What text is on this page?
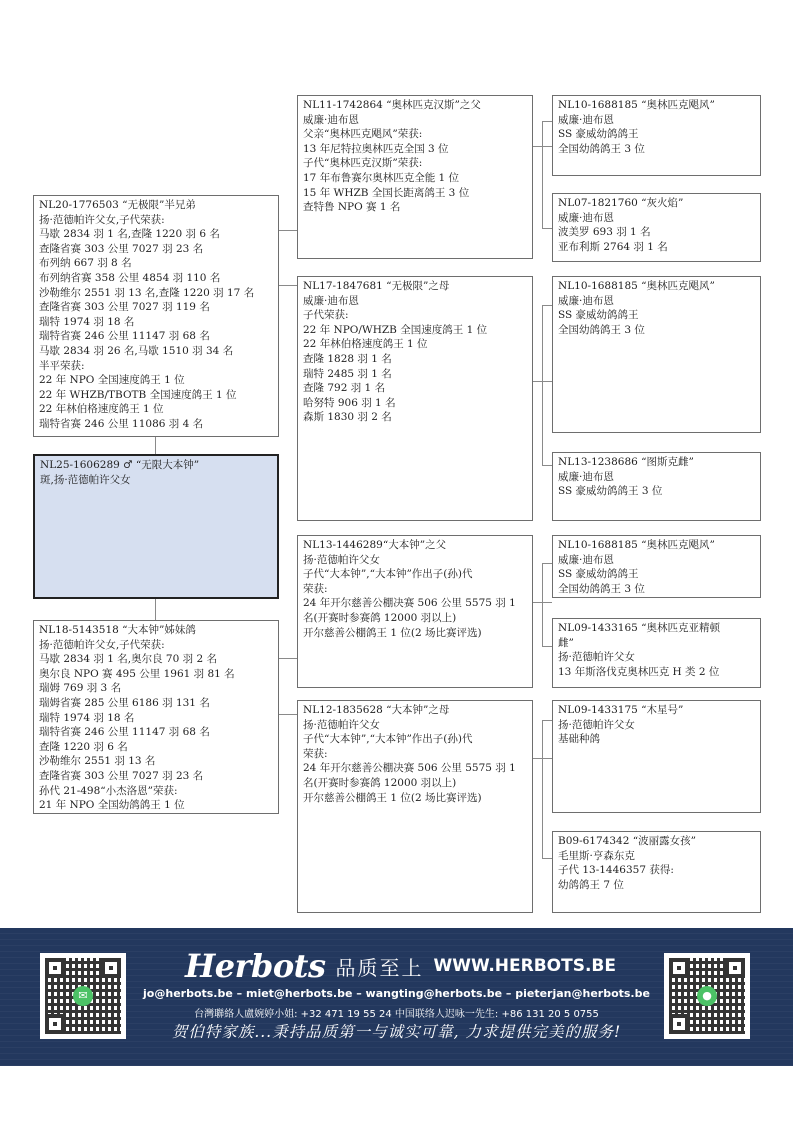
NL20-1776503 “无极限”半兄弟
扬·范德帕许父女,子代荣获:
马歇 2834 羽 1 名,查隆 1220 羽 6 名
查隆省赛 303 公里 7027 羽 23 名
布列纳 667 羽 8 名
布列纳省赛 358 公里 4854 羽 110 名
沙勒维尔 2551 羽 13 名,查隆 1220 羽 17 名
查隆省赛 303 公里 7027 羽 119 名
瑞特 1974 羽 18 名
瑞特省赛 246 公里 11147 羽 68 名
马歇 2834 羽 26 名,马歇 1510 羽 34 名
半平荣获:
22 年 NPO 全国速度鸽王 1 位
22 年 WHZB/TBOTB 全国速度鸽王 1 位
22 年林伯格速度鸽王 1 位
瑞特省赛 246 公里 11086 羽 4 名
NL25-1606289 ♂ “无限大本钟”
斑,扬·范德帕许父女
NL18-5143518 “大本钟”姊妹鸽
扬·范德帕许父女,子代荣获:
马歇 2834 羽 1 名,奥尔良 70 羽 2 名
奥尔良 NPO 赛 495 公里 1961 羽 81 名
瑞姆 769 羽 3 名
瑞姆省赛 285 公里 6186 羽 131 名
瑞特 1974 羽 18 名
瑞特省赛 246 公里 11147 羽 68 名
查隆 1220 羽 6 名
沙勒维尔 2551 羽 13 名
查隆省赛 303 公里 7027 羽 23 名
孙代 21-498“小杰洛恩”荣获:
21 年 NPO 全国幼鸽鸽王 1 位
NL11-1742864 “奥林匹克汉斯”之父
威廉·迪布恩
父亲“奥林匹克飓风”荣获:
13 年尼特拉奥林匹克全国 3 位
子代“奥林匹克汉斯”荣获:
17 年布鲁赛尔奥林匹克全能 1 位
15 年 WHZB 全国长距离鸽王 3 位
查特鲁 NPO 赛 1 名
NL17-1847681 “无极限”之母
威廉·迪布恩
子代荣获:
22 年 NPO/WHZB 全国速度鸽王 1 位
22 年林伯格速度鸽王 1 位
查隆 1828 羽 1 名
瑞特 2485 羽 1 名
查隆 792 羽 1 名
哈努特 906 羽 1 名
森斯 1830 羽 2 名
NL13-1446289“大本钟”之父
扬·范德帕许父女
子代“大本钟”,“大本钟”作出子(孙)代
荣获:
24 年开尔慈善公棚决赛 506 公里 5575 羽 1
名(开赛时参赛鸽 12000 羽以上)
开尔慈善公棚鸽王 1 位(2 场比赛评选)
NL12-1835628 “大本钟”之母
扬·范德帕许父女
子代“大本钟”,“大本钟”作出子(孙)代
荣获:
24 年开尔慈善公棚决赛 506 公里 5575 羽 1
名(开赛时参赛鸽 12000 羽以上)
开尔慈善公棚鸽王 1 位(2 场比赛评选)
NL10-1688185 “奥林匹克飓风”
威廉·迪布恩
SS 豪威幼鸽鸽王
全国幼鸽鸽王 3 位
NL07-1821760 “灰火焰”
威廉·迪布恩
波美罗 693 羽 1 名
亚布利斯 2764 羽 1 名
NL10-1688185 “奥林匹克飓风”
威廉·迪布恩
SS 豪威幼鸽鸽王
全国幼鸽鸽王 3 位
NL13-1238686 “图斯克雌”
威廉·迪布恩
SS 豪威幼鸽鸽王 3 位
NL10-1688185 “奥林匹克飓风”
威廉·迪布恩
SS 豪威幼鸽鸽王
全国幼鸽鸽王 3 位
NL09-1433165 “奥林匹克亚精顿
雌”
扬·范德帕许父女
13 年斯洛伐克奥林匹克 H 类 2 位
NL09-1433175 “木星号”
扬·范德帕许父女
基础种鸽
B09-6174342 “波丽露女孩”
毛里斯·亨森东克
子代 13-1446357 获得:
幼鸽鸽王 7 位
✉
Herbots 品质至上 WWW.HERBOTS.BE
jo@herbots.be – miet@herbots.be – wangting@herbots.be – pieterjan@herbots.be
台灣聯絡人盧婉婷小姐: +32 471 19 55 24 中国联络人迟咏一先生: +86 131 20 5 0755
贺伯特家族...秉持品质第一与诚实可靠, 力求提供完美的服务!
●
